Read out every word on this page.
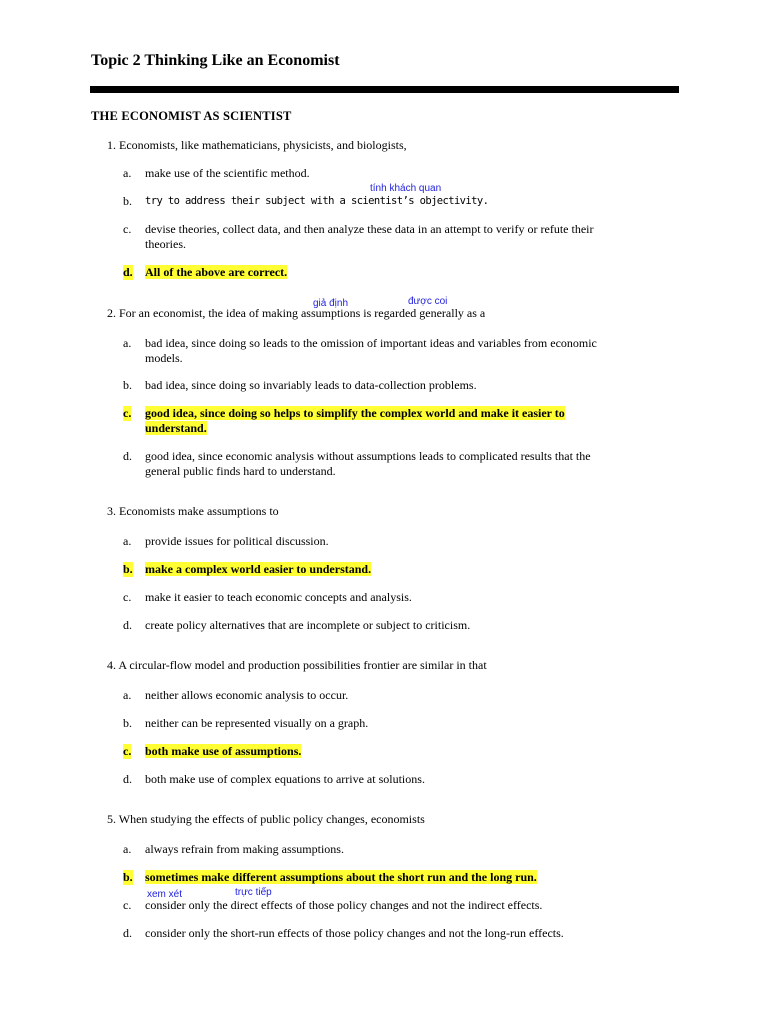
Topic 2 Thinking Like an Economist
THE ECONOMIST AS SCIENTIST
1. Economists, like mathematicians, physicists, and biologists,
a. make use of the scientific method.
b. try to address their subject with a scientist’s objectivity.
c. devise theories, collect data, and then analyze these data in an attempt to verify or refute their theories.
d. All of the above are correct.
2. For an economist, the idea of making assumptions is regarded generally as a
a. bad idea, since doing so leads to the omission of important ideas and variables from economic models.
b. bad idea, since doing so invariably leads to data-collection problems.
c. good idea, since doing so helps to simplify the complex world and make it easier to understand.
d. good idea, since economic analysis without assumptions leads to complicated results that the general public finds hard to understand.
3. Economists make assumptions to
a. provide issues for political discussion.
b. make a complex world easier to understand.
c. make it easier to teach economic concepts and analysis.
d. create policy alternatives that are incomplete or subject to criticism.
4. A circular-flow model and production possibilities frontier are similar in that
a. neither allows economic analysis to occur.
b. neither can be represented visually on a graph.
c. both make use of assumptions.
d. both make use of complex equations to arrive at solutions.
5. When studying the effects of public policy changes, economists
a. always refrain from making assumptions.
b. sometimes make different assumptions about the short run and the long run.
c. consider only the direct effects of those policy changes and not the indirect effects.
d. consider only the short-run effects of those policy changes and not the long-run effects.
tính khách quan
giả định	được coi
xem xét	trực tiếp
